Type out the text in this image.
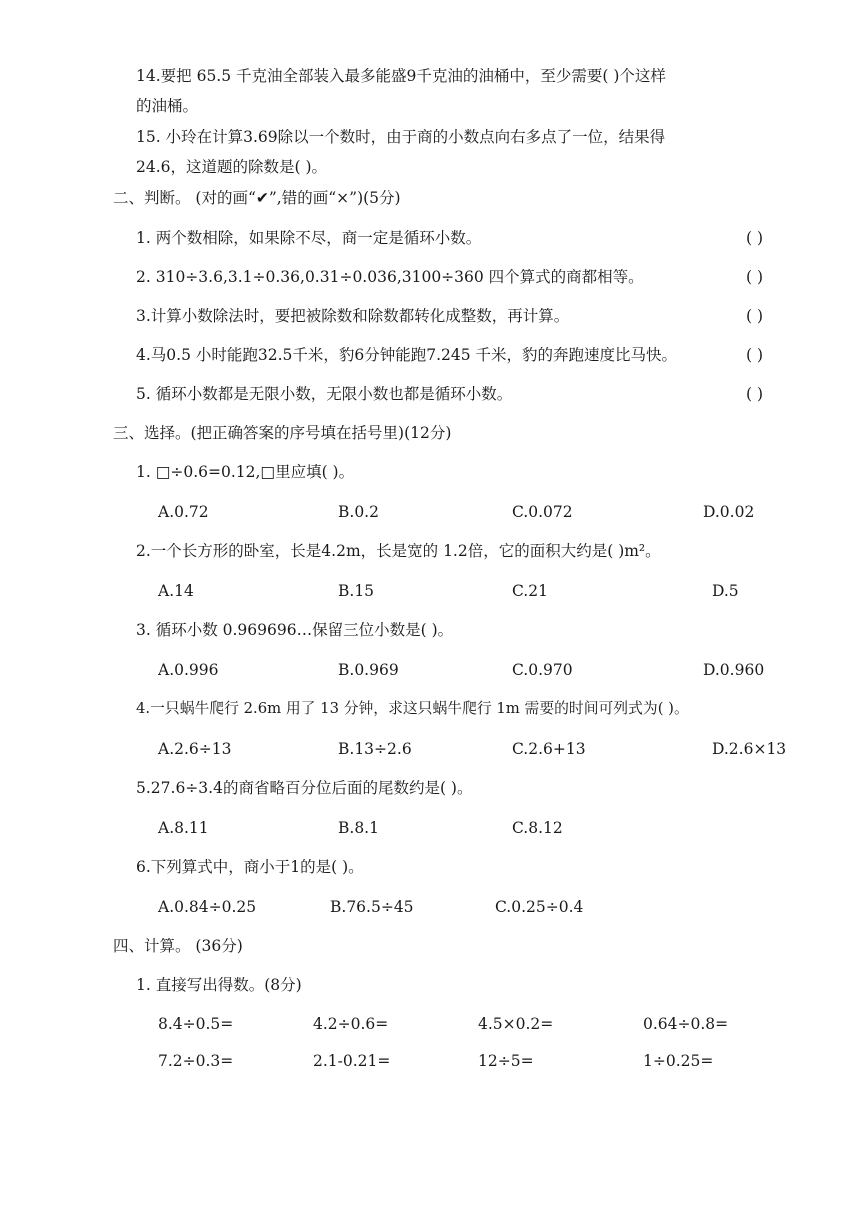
14.要把 65.5 千克油全部装入最多能盛9千克油的油桶中，至少需要( )个这样
的油桶。
15. 小玲在计算3.69除以一个数时，由于商的小数点向右多点了一位，结果得
24.6，这道题的除数是( )。
二、判断。 (对的画“✔”,错的画“×”)(5分)
1. 两个数相除，如果除不尽，商一定是循环小数。	( )
2. 310÷3.6,3.1÷0.36,0.31÷0.036,3100÷360 四个算式的商都相等。	( )
3.计算小数除法时，要把被除数和除数都转化成整数，再计算。	( )
4.马0.5 小时能跑32.5千米，豹6分钟能跑7.245 千米，豹的奔跑速度比马快。	( )
5. 循环小数都是无限小数，无限小数也都是循环小数。	( )
三、选择。(把正确答案的序号填在括号里)(12分)
1. □÷0.6=0.12,□里应填( )。
A.0.72	B.0.2	C.0.072	D.0.02
2.一个长方形的卧室，长是4.2m，长是宽的 1.2倍，它的面积大约是( )m²。
A.14	B.15	C.21	D.5
3. 循环小数 0.969696…保留三位小数是( )。
A.0.996	B.0.969	C.0.970	D.0.960
4.一只蜗牛爬行 2.6m 用了 13 分钟，求这只蜗牛爬行 1m 需要的时间可列式为( )。
A.2.6÷13	B.13÷2.6	C.2.6+13	D.2.6×13
5.27.6÷3.4的商省略百分位后面的尾数约是( )。
A.8.11	B.8.1	C.8.12
6.下列算式中，商小于1的是( )。
A.0.84÷0.25	B.76.5÷45	C.0.25÷0.4
四、计算。 (36分)
1. 直接写出得数。(8分)
8.4÷0.5=	4.2÷0.6=	4.5×0.2=	0.64÷0.8=
7.2÷0.3=	2.1-0.21=	12÷5=	1÷0.25=
